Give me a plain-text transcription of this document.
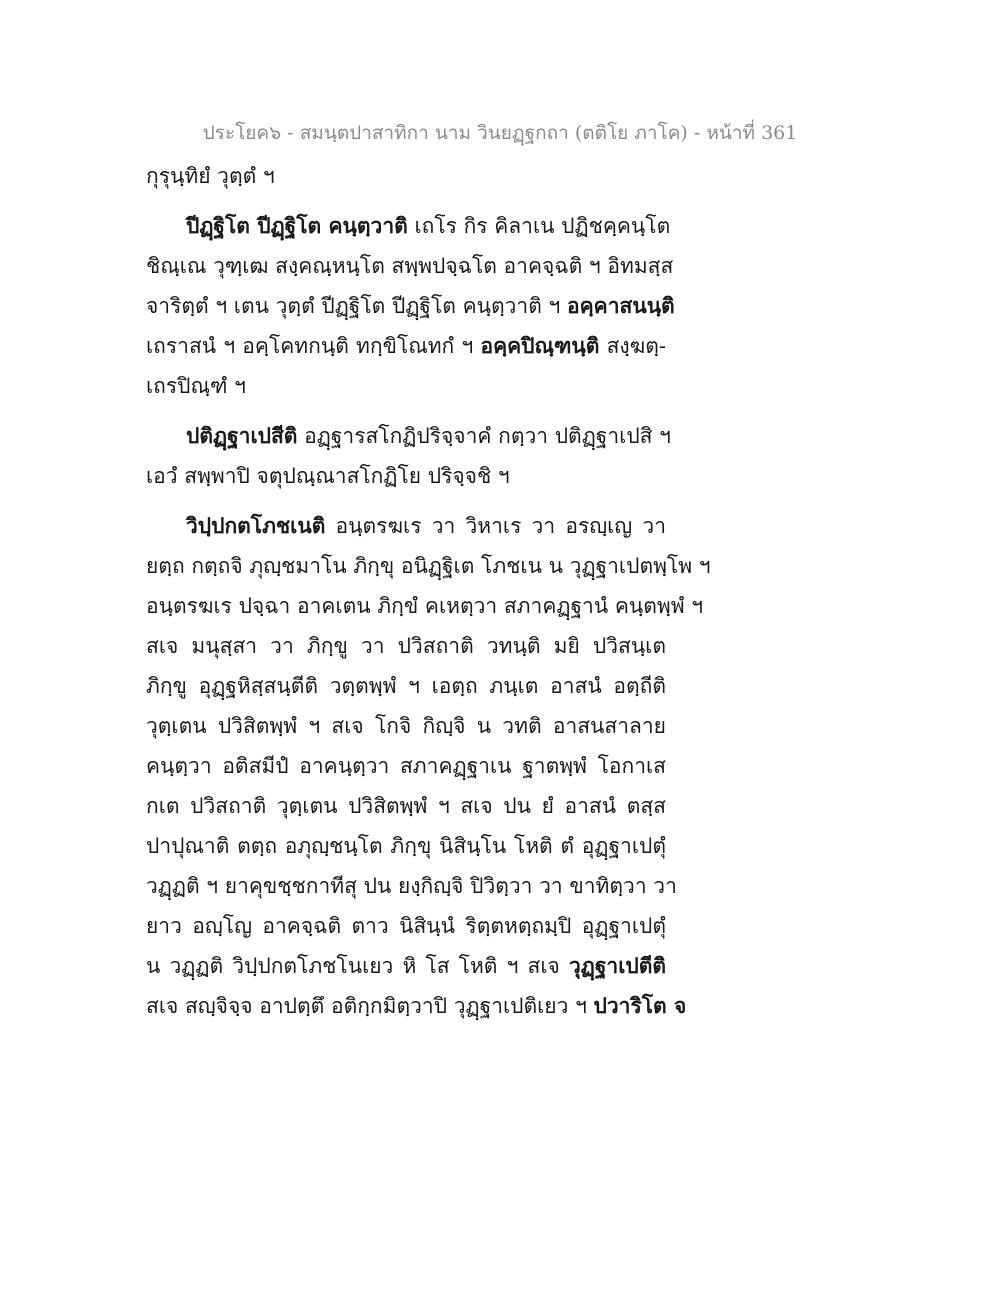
ประโยค๖ - สมนฺตปาสาทิกา นาม วินยฏฺฐกถา (ตติโย ภาโค) - หน้าที่ 361
กุรุนฺทิยํ วุตฺตํ ฯ
ปีฏฺฐิโต ปีฏฺฐิโต คนฺตฺวาติ เถโร กิร คิลาเน ปฏิชคฺคนฺโต
ชิณฺเณ วุฑฺเฒ สงฺคณฺหนฺโต สพฺพปจฺฉโต อาคจฺฉติ ฯ อิทมสฺส
จาริตฺตํ ฯ เตน วุตฺตํ ปีฏฺฐิโต ปีฏฺฐิโต คนฺตฺวาติ ฯ อคฺคาสนนฺติ
เถราสนํ ฯ อคฺโคทกนฺติ ทกฺขิโณทกํ ฯ อคฺคปิณฺฑนฺติ สงฺฆตฺ-
เถรปิณฺฑํ ฯ
ปติฏฺฐาเปสีติ อฏฺฐารสโกฏิปริจฺจาคํ กตฺวา ปติฏฺฐาเปสิ ฯ
เอวํ สพฺพาปิ จตุปณฺณาสโกฏิโย ปริจฺจชิ ฯ
วิปฺปกตโภชเนติ อนฺตรฆเร วา วิหาเร วา อรญฺเญ วา
ยตฺถ กตฺถจิ ภุญฺชมาโน ภิกฺขุ อนิฏฺฐิเต โภชเน น วุฏฺฐาเปตพฺโพ ฯ
อนฺตรฆเร ปจฺฉา อาคเตน ภิกฺขํ คเหตฺวา สภาคฏฺฐานํ คนฺตพฺพํ ฯ
สเจ มนุสฺสา วา ภิกฺขู วา ปวิสถาติ วทนฺติ มยิ ปวิสนฺเต
ภิกฺขู อุฏฺฐหิสฺสนฺตีติ วตฺตพฺพํ ฯ เอตฺถ ภนฺเต อาสนํ อตฺถีติ
วุตฺเตน ปวิสิตพฺพํ ฯ สเจ โกจิ กิญฺจิ น วทติ อาสนสาลาย
คนฺตฺวา อติสมีปํ อาคนฺตฺวา สภาคฏฺฐาเน ฐาตพฺพํ โอกาเส
กเต ปวิสถาติ วุตฺเตน ปวิสิตพฺพํ ฯ สเจ ปน ยํ อาสนํ ตสฺส
ปาปุณาติ ตตฺถ อภุญฺชนฺโต ภิกฺขุ นิสินฺโน โหติ ตํ อุฏฺฐาเปตุํ
วฏฺฏติ ฯ ยาคุขชฺชกาทีสุ ปน ยงฺกิญฺจิ ปิวิตฺวา วา ขาทิตฺวา วา
ยาว อญฺโญ อาคจฺฉติ ตาว นิสินฺนํ ริตฺตหตฺถมฺปิ อุฏฺฐาเปตุํ
น วฏฺฏติ วิปฺปกตโภชโนเยว หิ โส โหติ ฯ สเจ วุฏฺฐาเปตีติ
สเจ สญฺจิจฺจ อาปตฺตึ อติกฺกมิตฺวาปิ วุฏฺฐาเปติเยว ฯ ปวาริโต จ
